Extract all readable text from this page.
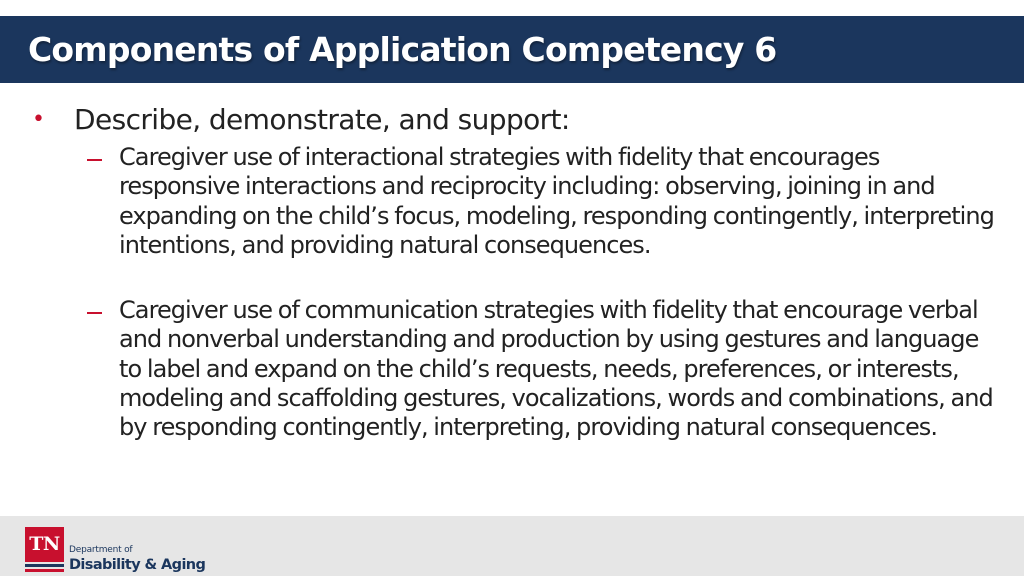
Components of Application Competency 6
• Describe, demonstrate, and support:

Caregiver use of interactional strategies with fidelity that encourages responsive interactions and reciprocity including: observing, joining in and expanding on the child’s focus, modeling, responding contingently, interpreting intentions, and providing natural consequences.

Caregiver use of communication strategies with fidelity that encourage verbal and nonverbal understanding and production by using gestures and language to label and expand on the child’s requests, needs, preferences, or interests, modeling and scaffolding gestures, vocalizations, words and combinations, and by responding contingently, interpreting, providing natural consequences.

TN	Department of
Disability & Aging
